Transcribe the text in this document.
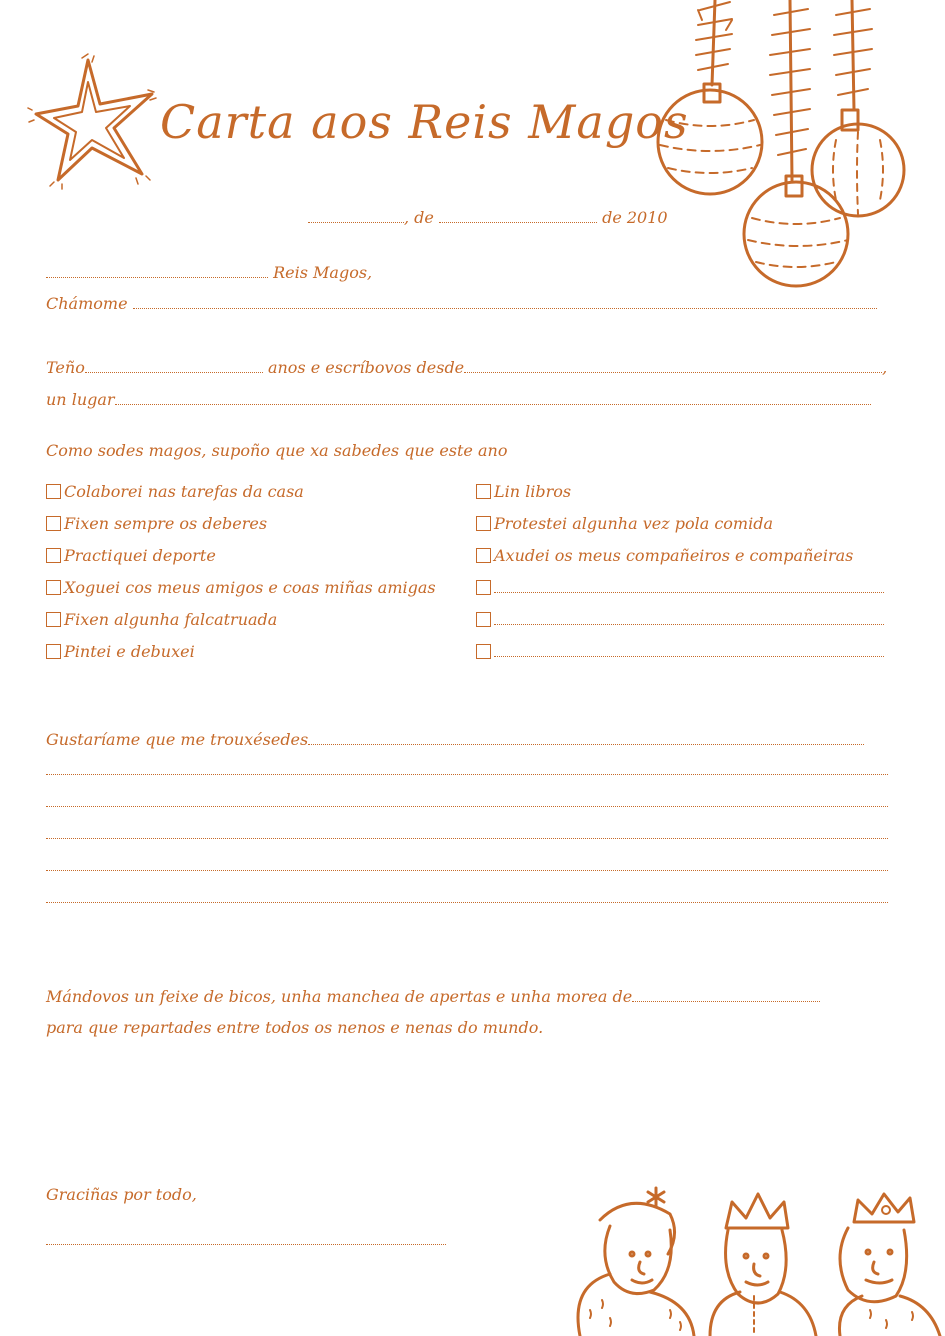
Carta aos Reis Magos
, de	de 2010
Reis Magos,
Chámome
Teño	anos e escríbovos desde	,
un lugar
Como sodes magos, supoño que xa sabedes que este ano
Colaborei nas tarefas da casa
Fixen sempre os deberes
Practiquei deporte
Xoguei cos meus amigos e coas miñas amigas
Fixen algunha falcatruada
Pintei e debuxei
Lin libros
Protestei algunha vez pola comida
Axudei os meus compañeiros e compañeiras
Gustaríame que me trouxésedes
Mándovos un feixe de bicos, unha manchea de apertas e unha morea de
para que repartades entre todos os nenos e nenas do mundo.
Graciñas por todo,
